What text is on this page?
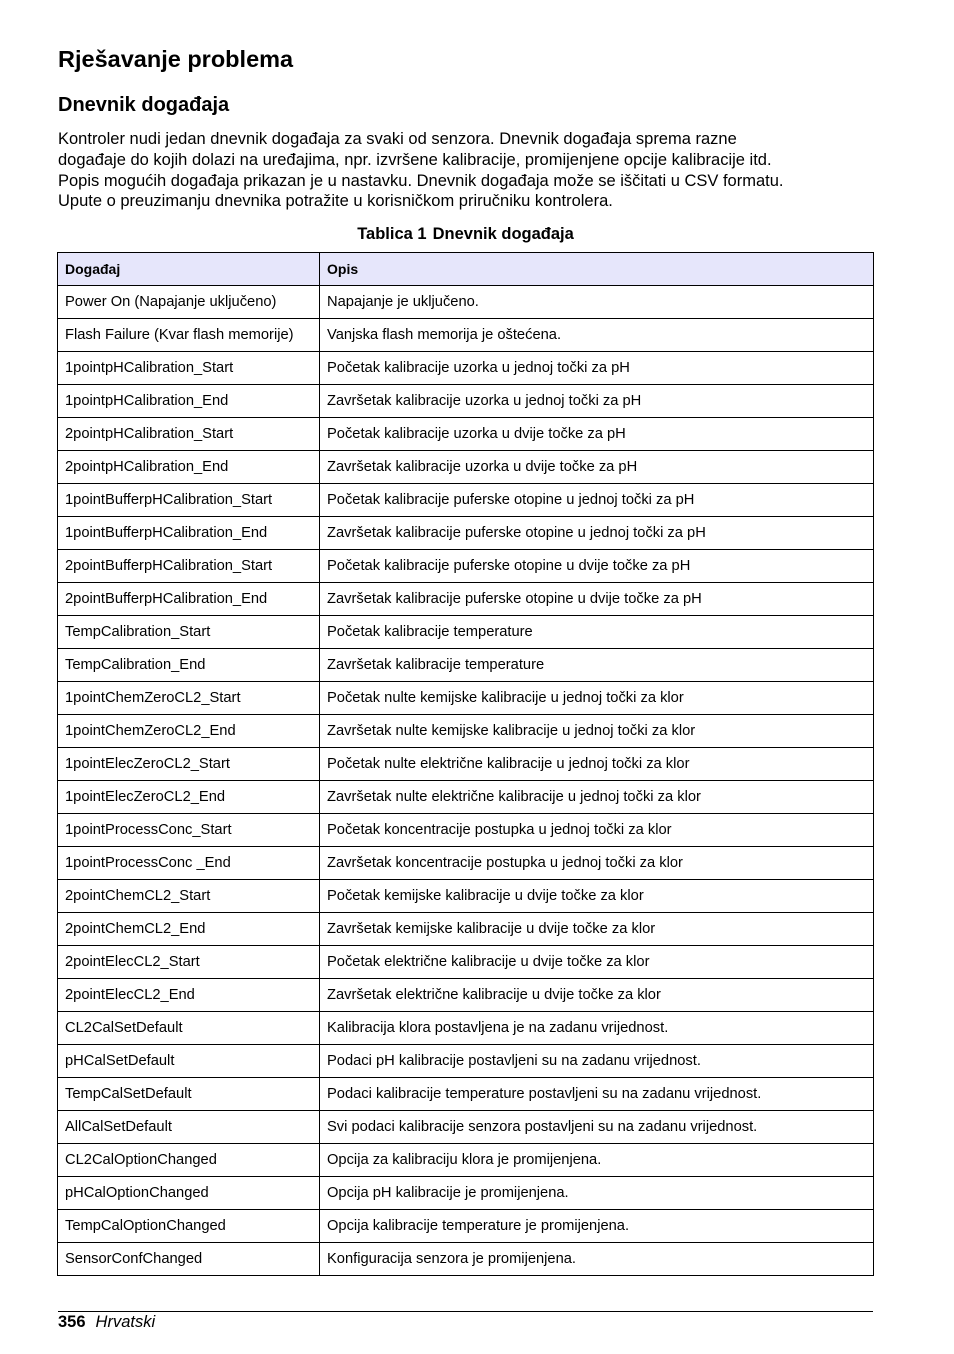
Rješavanje problema
Dnevnik događaja
Kontroler nudi jedan dnevnik događaja za svaki od senzora. Dnevnik događaja sprema razne
događaje do kojih dolazi na uređajima, npr. izvršene kalibracije, promijenjene opcije kalibracije itd.
Popis mogućih događaja prikazan je u nastavku. Dnevnik događaja može se iščitati u CSV formatu.
Upute o preuzimanju dnevnika potražite u korisničkom priručniku kontrolera.
Tablica 1 Dnevnik događaja
Događaj	Opis
Power On (Napajanje uključeno)	Napajanje je uključeno.
Flash Failure (Kvar flash memorije)	Vanjska flash memorija je oštećena.
1pointpHCalibration_Start	Početak kalibracije uzorka u jednoj točki za pH
1pointpHCalibration_End	Završetak kalibracije uzorka u jednoj točki za pH
2pointpHCalibration_Start	Početak kalibracije uzorka u dvije točke za pH
2pointpHCalibration_End	Završetak kalibracije uzorka u dvije točke za pH
1pointBufferpHCalibration_Start	Početak kalibracije puferske otopine u jednoj točki za pH
1pointBufferpHCalibration_End	Završetak kalibracije puferske otopine u jednoj točki za pH
2pointBufferpHCalibration_Start	Početak kalibracije puferske otopine u dvije točke za pH
2pointBufferpHCalibration_End	Završetak kalibracije puferske otopine u dvije točke za pH
TempCalibration_Start	Početak kalibracije temperature
TempCalibration_End	Završetak kalibracije temperature
1pointChemZeroCL2_Start	Početak nulte kemijske kalibracije u jednoj točki za klor
1pointChemZeroCL2_End	Završetak nulte kemijske kalibracije u jednoj točki za klor
1pointElecZeroCL2_Start	Početak nulte električne kalibracije u jednoj točki za klor
1pointElecZeroCL2_End	Završetak nulte električne kalibracije u jednoj točki za klor
1pointProcessConc_Start	Početak koncentracije postupka u jednoj točki za klor
1pointProcessConc _End	Završetak koncentracije postupka u jednoj točki za klor
2pointChemCL2_Start	Početak kemijske kalibracije u dvije točke za klor
2pointChemCL2_End	Završetak kemijske kalibracije u dvije točke za klor
2pointElecCL2_Start	Početak električne kalibracije u dvije točke za klor
2pointElecCL2_End	Završetak električne kalibracije u dvije točke za klor
CL2CalSetDefault	Kalibracija klora postavljena je na zadanu vrijednost.
pHCalSetDefault	Podaci pH kalibracije postavljeni su na zadanu vrijednost.
TempCalSetDefault	Podaci kalibracije temperature postavljeni su na zadanu vrijednost.
AllCalSetDefault	Svi podaci kalibracije senzora postavljeni su na zadanu vrijednost.
CL2CalOptionChanged	Opcija za kalibraciju klora je promijenjena.
pHCalOptionChanged	Opcija pH kalibracije je promijenjena.
TempCalOptionChanged	Opcija kalibracije temperature je promijenjena.
SensorConfChanged	Konfiguracija senzora je promijenjena.
356 Hrvatski
